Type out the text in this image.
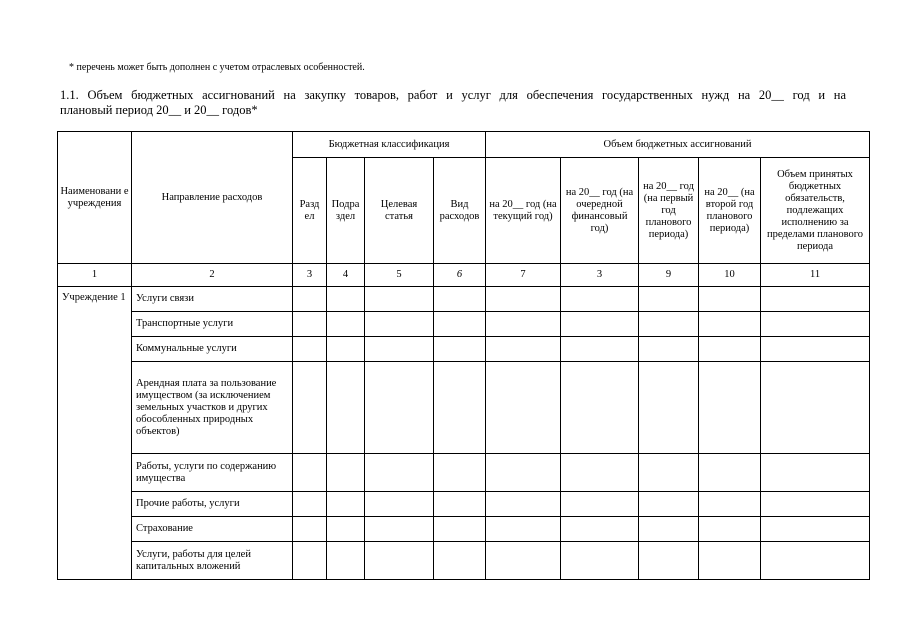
* перечень может быть дополнен с учетом отраслевых особенностей.
1.1. Объем бюджетных ассигнований на закупку товаров, работ и услуг для обеспечения государственных нужд на 20__ год и на
плановый период 20__ и 20__ годов*
Наименовани е учреждения	Направление расходов	Бюджетная классификация				Объем бюджетных ассигнований				
		Разд ел	Подра здел	Целевая статья	Вид расходов	на 20__ год (на текущий год)	на 20__ год (на очередной финансовый год)	на 20__ год (на первый год планового периода)	на 20__ (на второй год планового периода)	Объем принятых бюджетных обязательств, подлежащих исполнению за пределами планового периода
1	2	3	4	5	6	7	3	9	10	11
Учреждение 1	Услуги связи									
	Транспортные услуги									
	Коммунальные услуги									
	Арендная плата за пользование имуществом (за исключением земельных участков и других обособленных природных объектов)									
	Работы, услуги по содержанию имущества									
	Прочие работы, услуги									
	Страхование									
	Услуги, работы для целей капитальных вложений									
